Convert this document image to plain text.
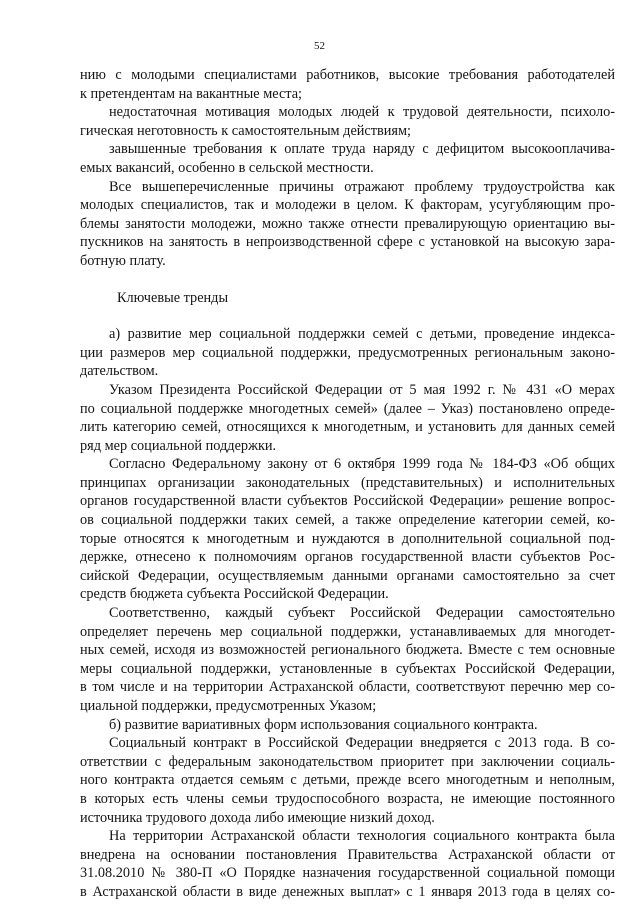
52
нию с молодыми специалистами работников, высокие требования работодателей
к претендентам на вакантные места;
недостаточная мотивация молодых людей к трудовой деятельности, психоло-
гическая неготовность к самостоятельным действиям;
завышенные требования к оплате труда наряду с дефицитом высокооплачива-
емых вакансий, особенно в сельской местности.
Все вышеперечисленные причины отражают проблему трудоустройства как
молодых специалистов, так и молодежи в целом. К факторам, усугубляющим про-
блемы занятости молодежи, можно также отнести превалирующую ориентацию вы-
пускников на занятость в непроизводственной сфере с установкой на высокую зара-
ботную плату.
Ключевые тренды
а) развитие мер социальной поддержки семей с детьми, проведение индекса-
ции размеров мер социальной поддержки, предусмотренных региональным законо-
дательством.
Указом Президента Российской Федерации от 5 мая 1992 г. № 431 «О мерах
по социальной поддержке многодетных семей» (далее – Указ) постановлено опреде-
лить категорию семей, относящихся к многодетным, и установить для данных семей
ряд мер социальной поддержки.
Согласно Федеральному закону от 6 октября 1999 года № 184-ФЗ «Об общих
принципах организации законодательных (представительных) и исполнительных
органов государственной власти субъектов Российской Федерации» решение вопрос-
ов социальной поддержки таких семей, а также определение категории семей, ко-
торые относятся к многодетным и нуждаются в дополнительной социальной под-
держке, отнесено к полномочиям органов государственной власти субъектов Рос-
сийской Федерации, осуществляемым данными органами самостоятельно за счет
средств бюджета субъекта Российской Федерации.
Соответственно, каждый субъект Российской Федерации самостоятельно
определяет перечень мер социальной поддержки, устанавливаемых для многодет-
ных семей, исходя из возможностей регионального бюджета. Вместе с тем основные
меры социальной поддержки, установленные в субъектах Российской Федерации,
в том числе и на территории Астраханской области, соответствуют перечню мер со-
циальной поддержки, предусмотренных Указом;
б) развитие вариативных форм использования социального контракта.
Социальный контракт в Российской Федерации внедряется с 2013 года. В со-
ответствии с федеральным законодательством приоритет при заключении социаль-
ного контракта отдается семьям с детьми, прежде всего многодетным и неполным,
в которых есть члены семьи трудоспособного возраста, не имеющие постоянного
источника трудового дохода либо имеющие низкий доход.
На территории Астраханской области технология социального контракта была
внедрена на основании постановления Правительства Астраханской области от
31.08.2010 № 380-П «О Порядке назначения государственной социальной помощи
в Астраханской области в виде денежных выплат» с 1 января 2013 года в целях со-
